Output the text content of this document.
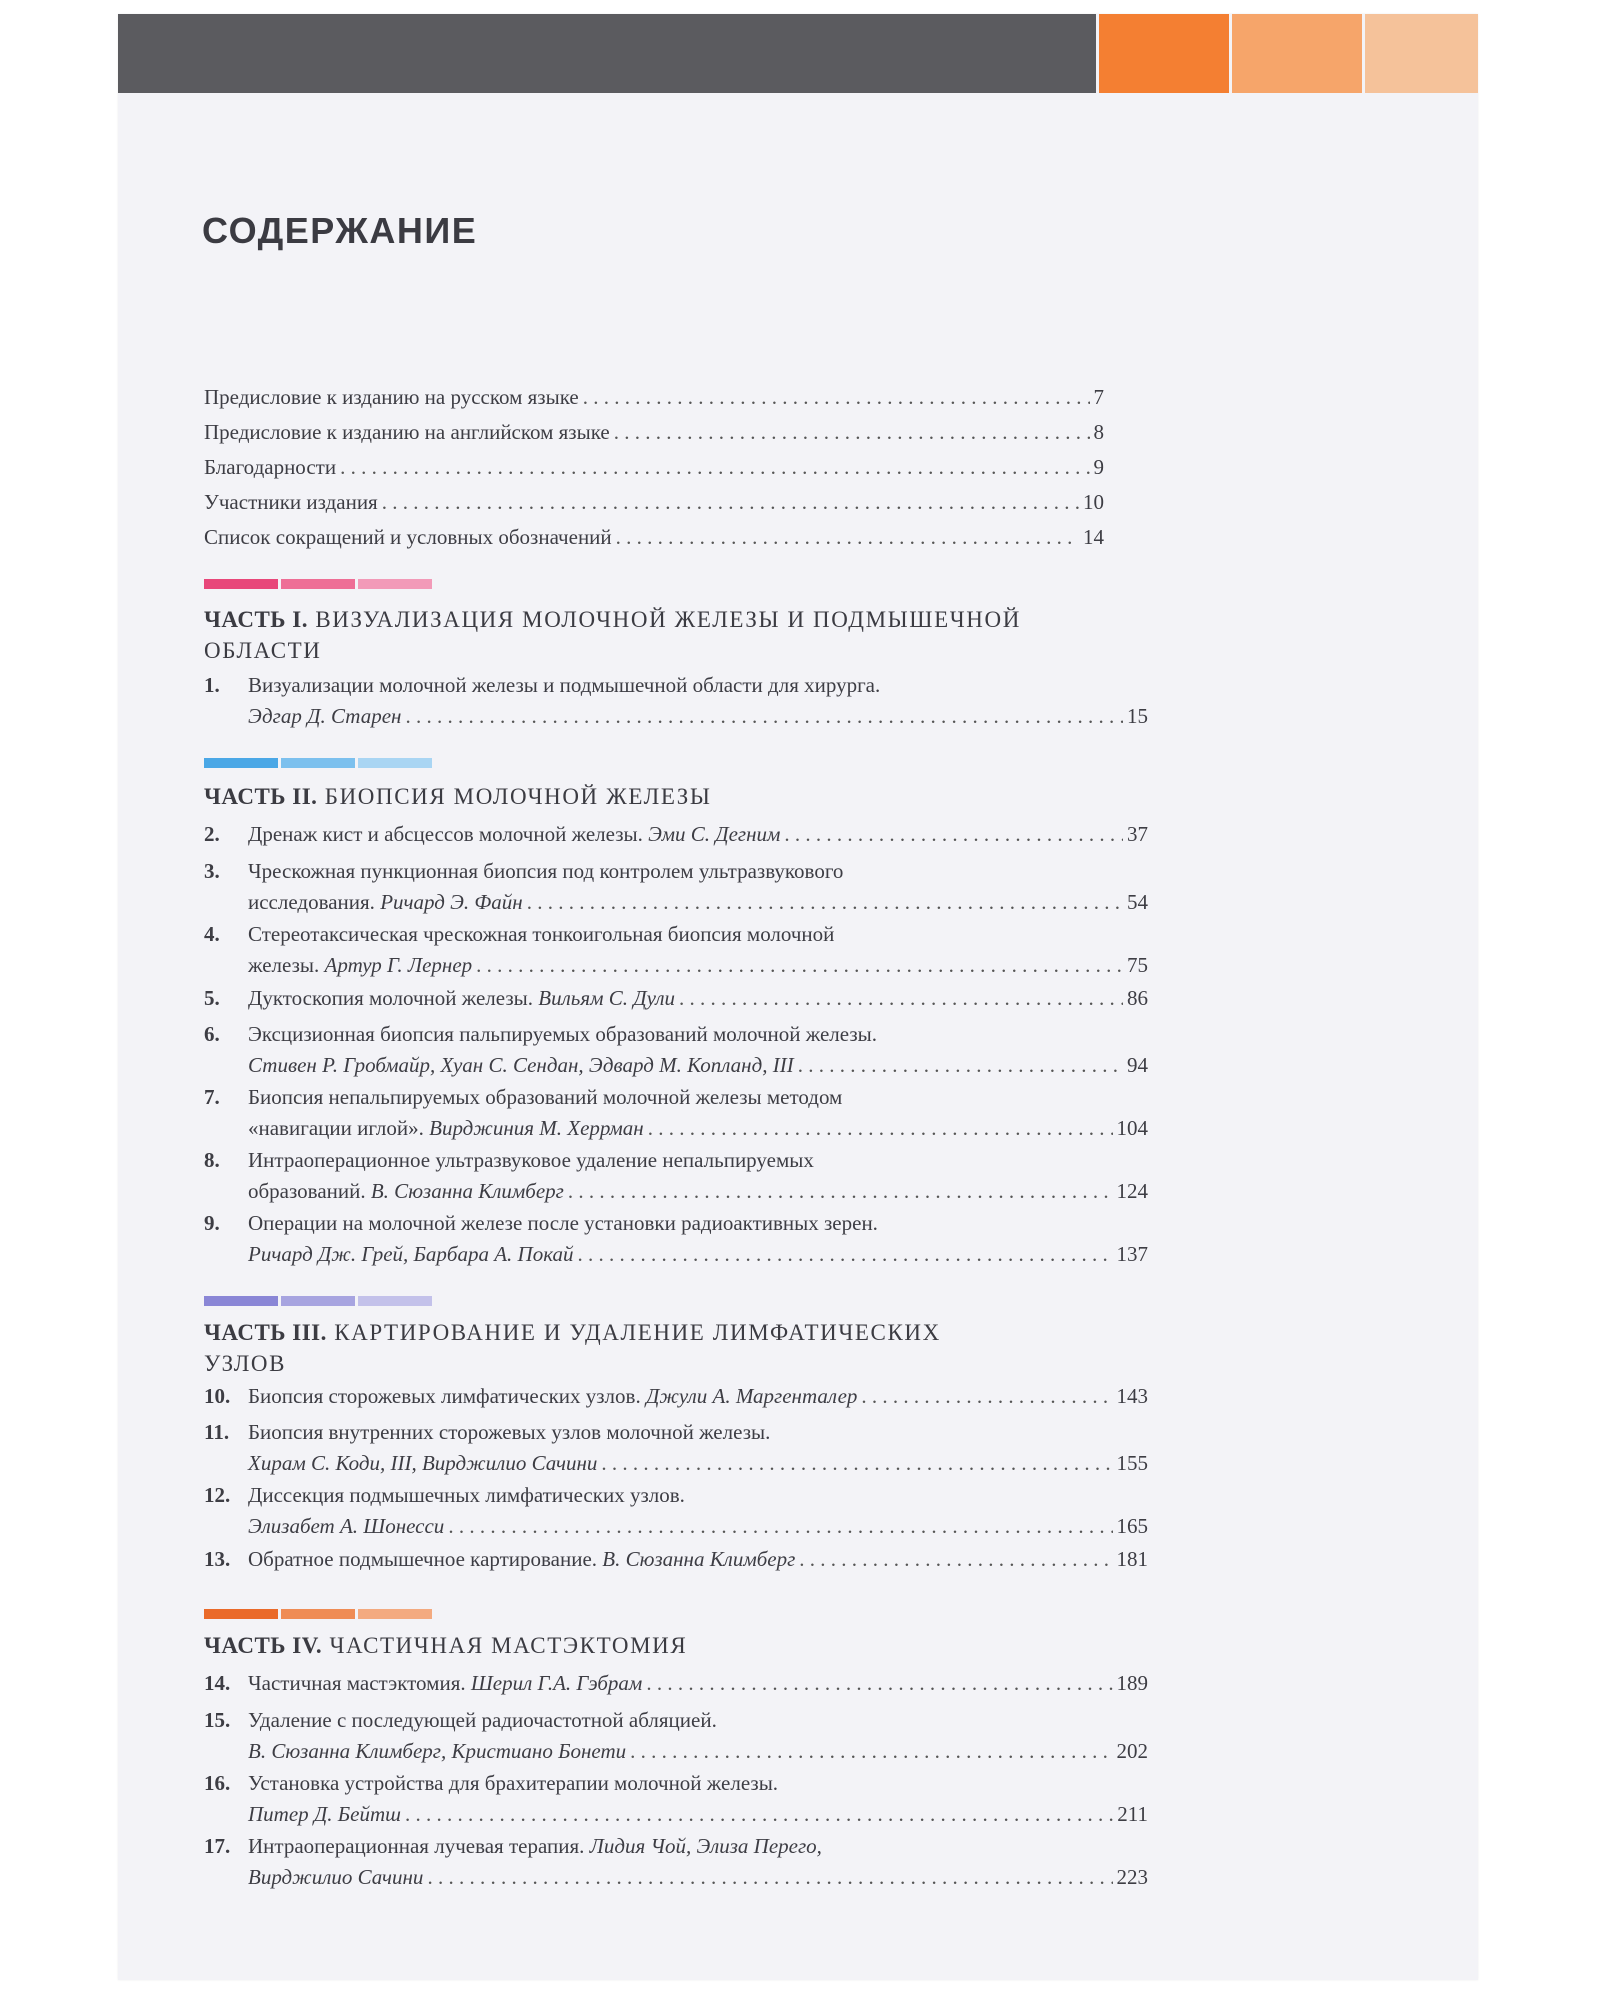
СОДЕРЖАНИЕ
Предисловие к изданию на русском языке . . .	7
Предисловие к изданию на английском языке . . .	8
Благодарности . . .	9
Участники издания . . .	10
Список сокращений и условных обозначений . . .	14
ЧАСТЬ I. ВИЗУАЛИЗАЦИЯ МОЛОЧНОЙ ЖЕЛЕЗЫ И ПОДМЫШЕЧНОЙ
ОБЛАСТИ
1.	Визуализации молочной железы и подмышечной области для хирурга.
Эдгар Д. Старен . . .	15
ЧАСТЬ II. БИОПСИЯ МОЛОЧНОЙ ЖЕЛЕЗЫ
2.	Дренаж кист и абсцессов молочной железы.
Эми С. Дегним . . .	37
3.	Чрескожная пункционная биопсия под контролем ультразвукового
исследования.
Ричард Э. Файн . . .	54
4.	Стереотаксическая чрескожная тонкоигольная биопсия молочной
железы.
Артур Г. Лернер . . .	75
5.	Дуктоскопия молочной железы.
Вильям С. Дули . . .	86
6.	Эксцизионная биопсия пальпируемых образований молочной железы.
Стивен Р. Гробмайр, Хуан С. Сендан, Эдвард М. Копланд, III . . .	94
7.	Биопсия непальпируемых образований молочной железы методом
«навигации иглой».
Вирджиния М. Херрман . . .	104
8.	Интраоперационное ультразвуковое удаление непальпируемых
образований.
В. Сюзанна Климберг . . .	124
9.	Операции на молочной железе после установки радиоактивных зерен.
Ричард Дж. Грей, Барбара А. Покай . . .	137
ЧАСТЬ III. КАРТИРОВАНИЕ И УДАЛЕНИЕ ЛИМФАТИЧЕСКИХ
УЗЛОВ
10. Биопсия сторожевых лимфатических узлов.
Джули А. Маргенталер . . .	143
11. Биопсия внутренних сторожевых узлов молочной железы.
Хирам С. Коди, III, Вирджилио Сачини . . .	155
12. Диссекция подмышечных лимфатических узлов.
Элизабет А. Шонесси . . .	165
13. Обратное подмышечное картирование.
В. Сюзанна Климберг . . .	181
ЧАСТЬ IV. ЧАСТИЧНАЯ МАСТЭКТОМИЯ
14. Частичная мастэктомия.
Шерил Г.А. Гэбрам . . .	189
15. Удаление с последующей радиочастотной абляцией.
В. Сюзанна Климберг, Кристиано Бонети . . .	202
16. Установка устройства для брахитерапии молочной железы.
Питер Д. Бейтш . . .	211
17. Интраоперационная лучевая терапия. Лидия Чой, Элиза Перего,
Вирджилио Сачини . . .	223
